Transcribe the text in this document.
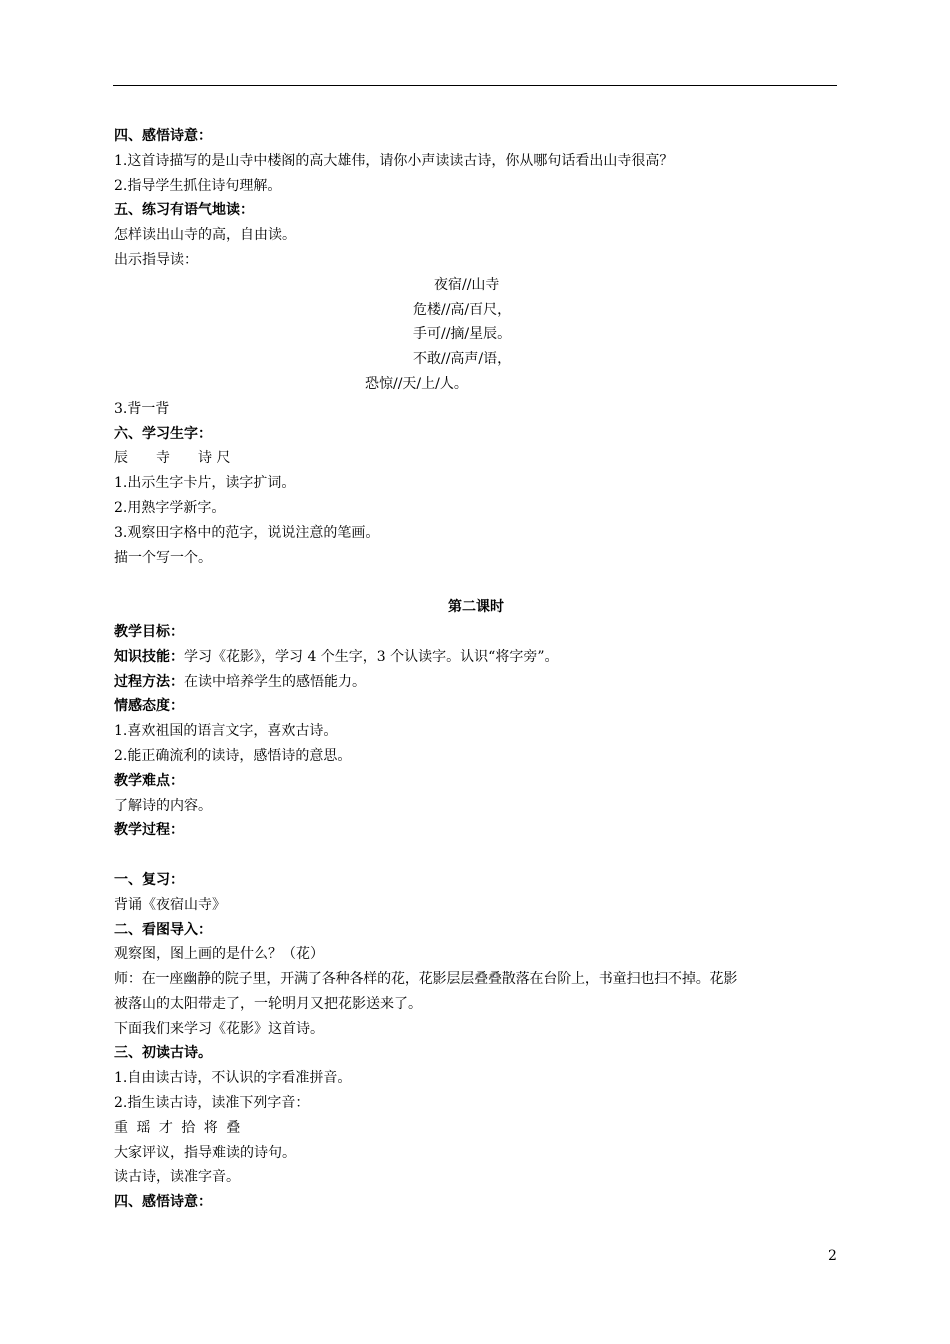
四、感悟诗意：
1.这首诗描写的是山寺中楼阁的高大雄伟，请你小声读读古诗，你从哪句话看出山寺很高？
2.指导学生抓住诗句理解。
五、练习有语气地读：
怎样读出山寺的高，自由读。
出示指导读：
夜宿//山寺
危楼//高/百尺，
手可//摘/星辰。
不敢//高声/语，
恐惊//天/上/人。
3.背一背
六、学习生字：
辰　　寺　　诗 尺
1.出示生字卡片，读字扩词。
2.用熟字学新字。
3.观察田字格中的范字，说说注意的笔画。
描一个写一个。
第二课时
教学目标：
知识技能：学习《花影》，学习 4 个生字，3 个认读字。认识“将字旁”。
过程方法：在读中培养学生的感悟能力。
情感态度：
1.喜欢祖国的语言文字，喜欢古诗。
2.能正确流利的读诗，感悟诗的意思。
教学难点：
了解诗的内容。
教学过程：
一、复习：
背诵《夜宿山寺》
二、看图导入：
观察图，图上画的是什么？（花）
师：在一座幽静的院子里，开满了各种各样的花，花影层层叠叠散落在台阶上，书童扫也扫不掉。花影
被落山的太阳带走了，一轮明月又把花影送来了。
下面我们来学习《花影》这首诗。
三、初读古诗。
1.自由读古诗，不认识的字看准拼音。
2.指生读古诗，读准下列字音：
重 瑶 才 拾 将 叠
大家评议，指导难读的诗句。
读古诗，读准字音。
四、感悟诗意：
2
